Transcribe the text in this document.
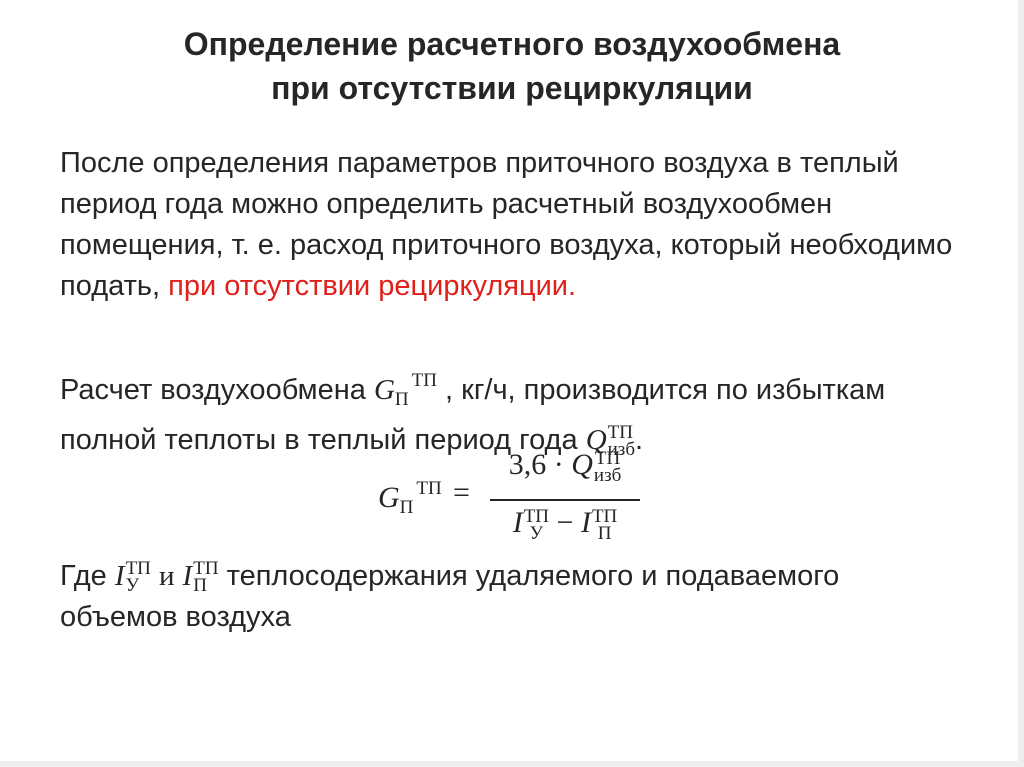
Определение расчетного воздухообмена
при отсутствии рециркуляции
После определения параметров приточного воздуха в теплый период года можно определить расчетный воздухообмен помещения, т. е. расход приточного воздуха, который необходимо подать, при отсутствии рециркуляции.
Расчет воздухообмена $G_П^{ТП}$ , кг/ч, производится по избыткам полной теплоты в теплый период года Q ТП
изб .
$G_П^{ТП}$ =
3,6 · Q ТП
изб
I ТП
У − I ТП
П
Где I ТП
У и I ТП
П теплосодержания удаляемого и подаваемого объемов воздуха
